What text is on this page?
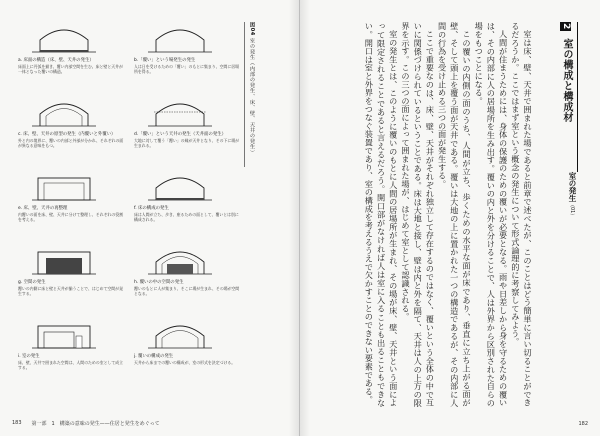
a. 床面の構造（床、壁、天井の発生）

床面上に円弧を描き、覆い内部空間を生む。床と壁と天井が一体となった覆いの構造。

b.「覆い」という場発生の発生

人は日を受けるための「覆い」のもとに集まり、空間に居場所を得る。

c. 床、壁、天井の原型の発生（内覆いと外覆い）

外と内の境界に、覆いの内部と外部が分かれ、それぞれの面が異なる意味をもつ。

d.「覆い」という天井の発生（天井面の発生）

大地に対して覆う「覆い」の縁が天井となり、その下に場が生まれる。

e. 床、壁、天井の再整理

内覆いの面を床、壁、天井に分けて整理し、それぞれの役割を考える。

f. 床の構成の発生

床は人間が立ち、歩き、座るための面として、覆いとは別に構成される。

g. 空間の発生

覆いの内側に床と壁と天井が揃うことで、はじめて空間が発生する。

h. 覆いの中の空間の発生

覆いのもとに人が集まり、そこに場が生まれ、その場が空間となる。

i. 室の発生

床、壁、天井で囲まれた空間は、人間のための室として成立する。

j. 覆いの構成の発生

天井から床までの覆いの構成が、室の形式を決定づける。

図04 室の発生（内部の発生、床、壁、天井の発生）
183 第一部　1　構築の意味の発生——住居と発生をめぐって
2 室の構成と構成材
室の発生（01）

室は床、壁、天井で囲まれた場であると前章で述べたが、このことはどう簡単に言い切ることができるだろうか。ここではまず室という概念の発生について形式論理的に考察してみよう。

人間が住まうためには、身体の保護のための覆いが必要となる。雨や日差しから身を守るための覆いは、その内部に人の居場所を生み出す。覆いの内と外を分けることで、人は外界から区別された自らの場をもつことになる。

この覆いの内側の面のうち、人間が立ち、歩くための水平な面が床であり、垂直に立ち上がる面が壁、そして頭上を覆う面が天井である。覆いは大地の上に置かれた一つの構造であるが、その内部に人間の行為を受け止める三つの面が発生する。

ここで重要なのは、床、壁、天井がそれぞれ独立して存在するのではなく、覆いという全体の中で互いに関係づけられているということである。床は大地と接し、壁は内と外を隔て、天井は人の上方の限界を示す。この三つの面によって囲まれた場が、はじめて室として認識される。

室の発生とは、このように覆いのもとに人間の居場所が生まれ、その場が床、壁、天井という面によって限定されることであると言えるだろう。開口部がなければ人は室に入ることも出ることもできない。開口は室と外界をつなぐ装置であり、室の構成を考えるうえで欠かすことのできない要素である。

182
